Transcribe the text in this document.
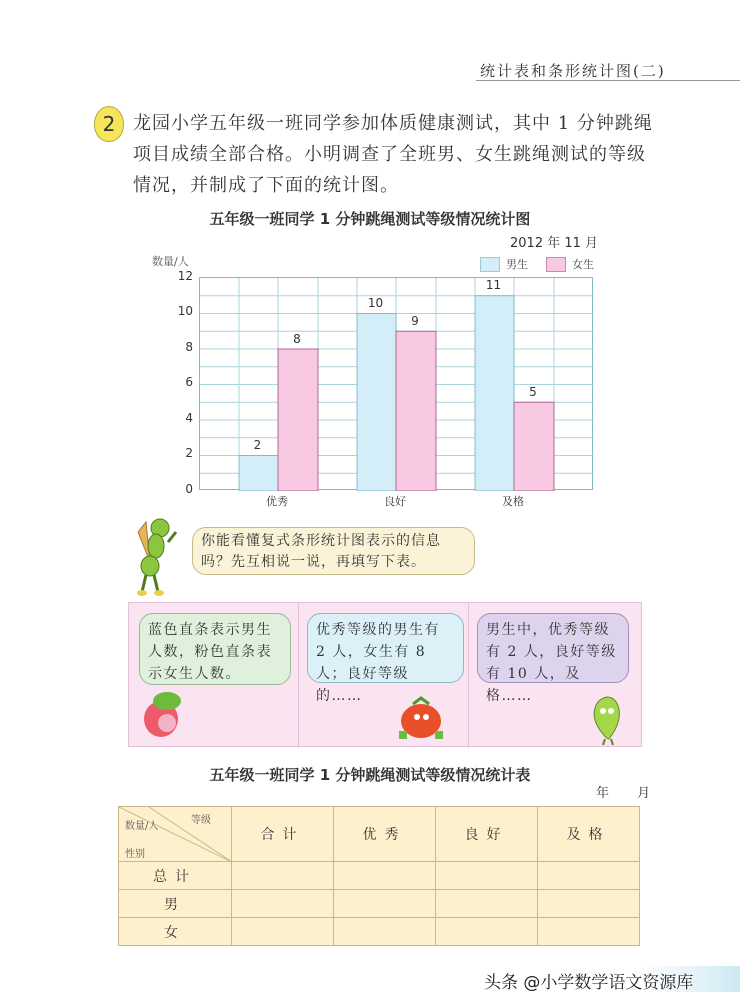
统计表和条形统计图(二)
2 龙园小学五年级一班同学参加体质健康测试，其中 1 分钟跳绳项目成绩全部合格。小明调查了全班男、女生跳绳测试的等级情况，并制成了下面的统计图。
五年级一班同学 1 分钟跳绳测试等级情况统计图
2012 年 11 月
数量/人	男生	女生
12
10
8
6
4
2
0
2
8
10
9
11
5
优秀	良好	及格
你能看懂复式条形统计图表示的信息吗？先互相说一说，再填写下表。
蓝色直条表示男生人数，粉色直条表示女生人数。
优秀等级的男生有 2 人，女生有 8 人；良好等级的……
男生中，优秀等级有 2 人，良好等级有 10 人，及格……
五年级一班同学 1 分钟跳绳测试等级情况统计表
年 月
等级
数量/人
性别	合计	优秀	良好	及格
总计				
男				
女				
头条 @小学数学语文资源库
